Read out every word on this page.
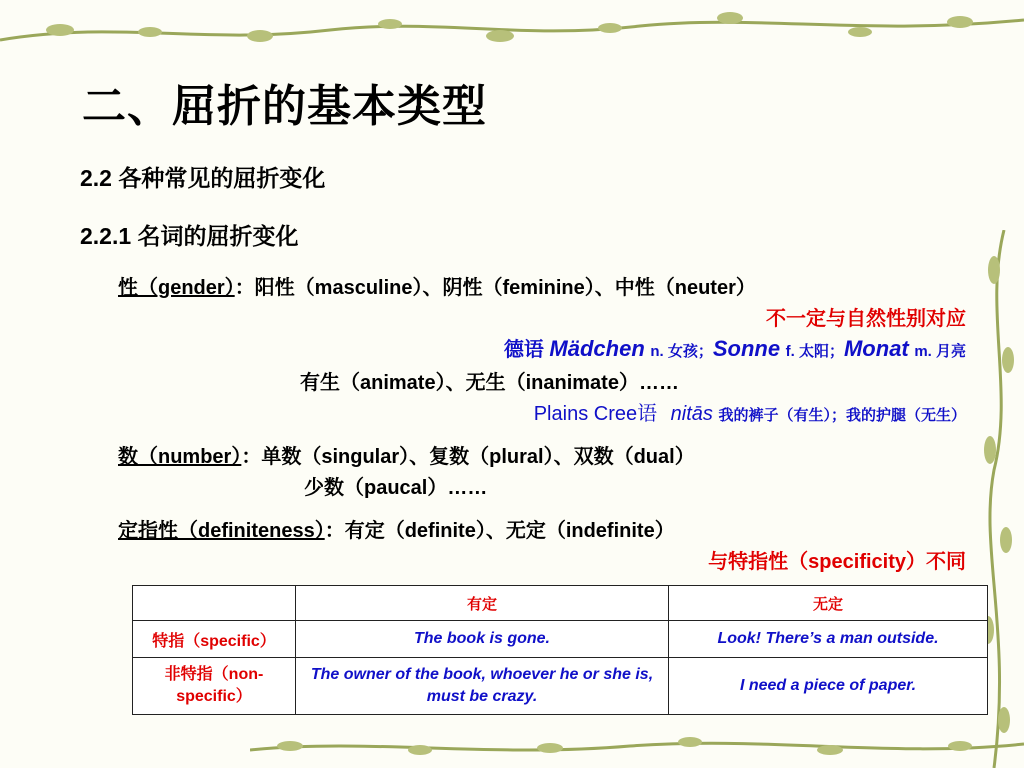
二、屈折的基本类型
2.2 各种常见的屈折变化
2.2.1 名词的屈折变化
性（gender）：阳性（masculine）、阴性（feminine）、中性（neuter）
不一定与自然性别对应
德语 Mädchen n. 女孩；Sonne f. 太阳；Monat m. 月亮
有生（animate）、无生（inanimate）……
Plains Cree语 nitās 我的裤子（有生）；我的护腿（无生）
数（number）：单数（singular）、复数（plural）、双数（dual）
少数（paucal）……
定指性（definiteness）：有定（definite）、无定（indefinite）
与特指性（specificity）不同
	有定	无定
特指（specific）	The book is gone.	Look! There’s a man outside.
非特指（non-specific）	The owner of the book, whoever he or she is, must be crazy.	I need a piece of paper.
